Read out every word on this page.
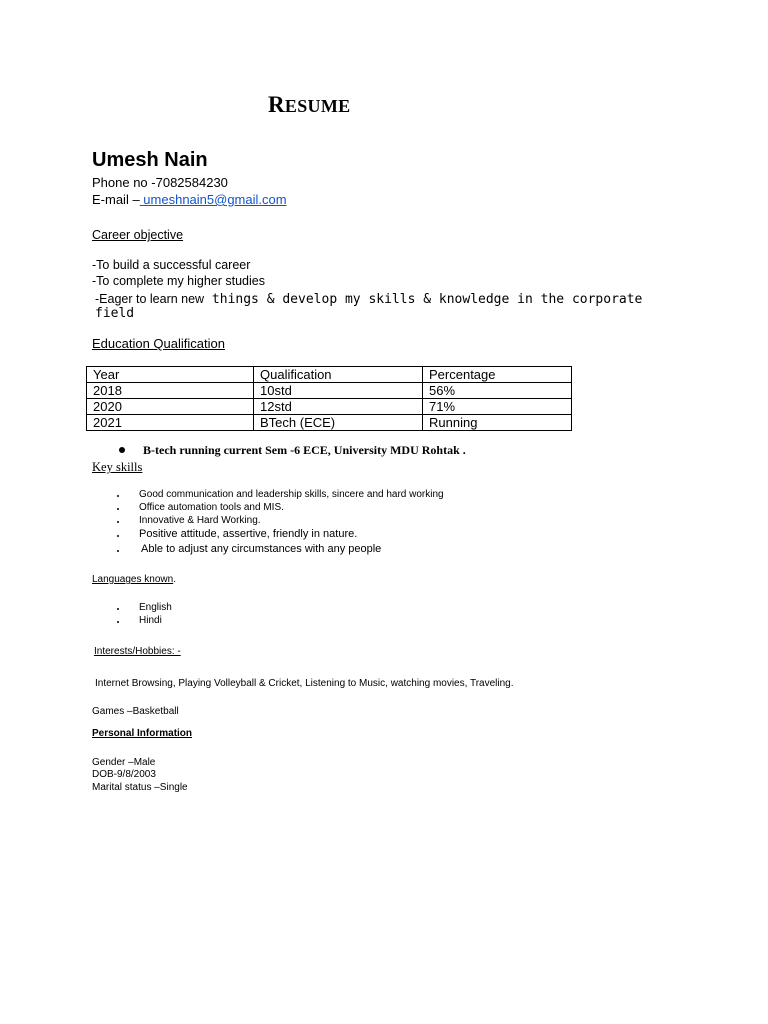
RESUME
Umesh Nain
Phone no -7082584230
E-mail – umeshnain5@gmail.com
Career objective
-To build a successful career
-To complete my higher studies
-Eager to learn new things & develop my skills & knowledge in the corporate
field
Education Qualification
Year	Qualification	Percentage
2018	10std	56%
2020	12std	71%
2021	BTech (ECE)	Running
B-tech running current Sem -6 ECE, University MDU Rohtak .
Key skills
Good communication and leadership skills, sincere and hard working
Office automation tools and MIS.
Innovative & Hard Working.
Positive attitude, assertive, friendly in nature.
Able to adjust any circumstances with any people
Languages known.
English
Hindi
Interests/Hobbies: -
Internet Browsing, Playing Volleyball & Cricket, Listening to Music, watching movies, Traveling.
Games –Basketball
Personal Information
Gender –Male
DOB-9/8/2003
Marital status –Single
